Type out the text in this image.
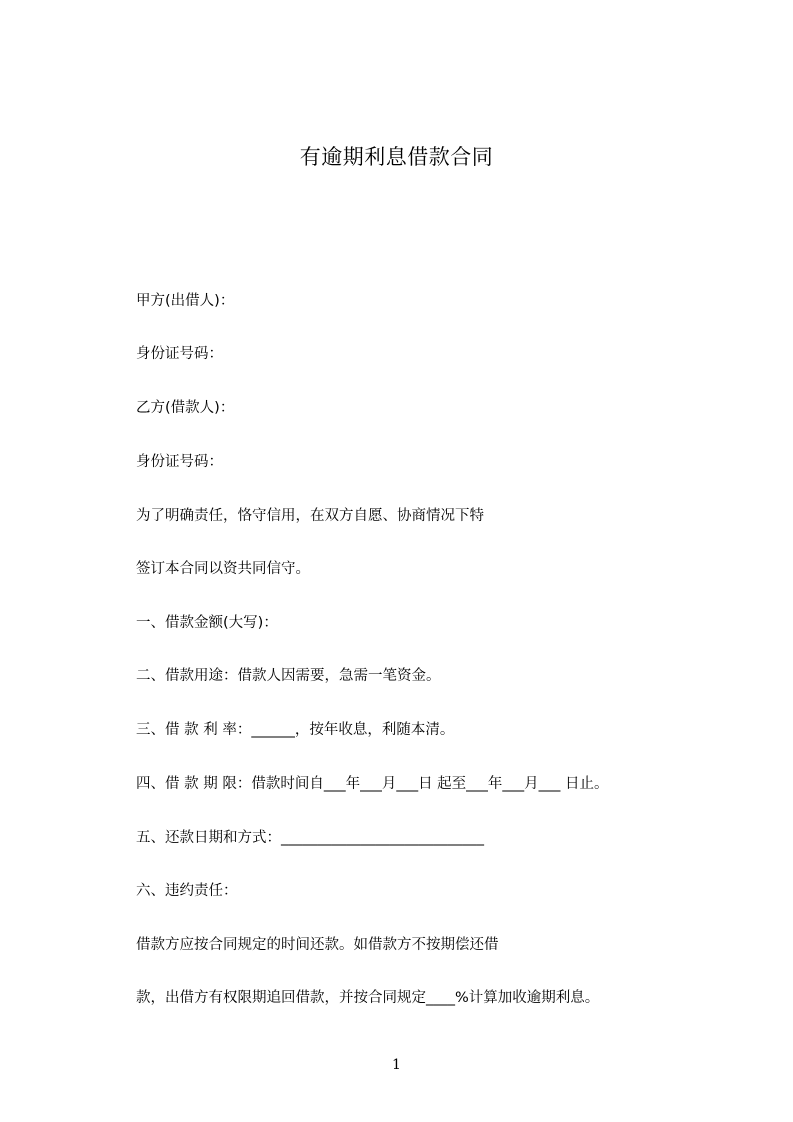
有逾期利息借款合同
甲方(出借人)：
身份证号码：
乙方(借款人)：
身份证号码：
为了明确责任，恪守信用，在双方自愿、协商情况下特
签订本合同以资共同信守。
一、借款金额(大写)：
二、借款用途：借款人因需要，急需一笔资金。
三、借 款 利 率：______，按年收息，利随本清。
四、借 款 期 限：借款时间自___年___月___日 起至___年___月___ 日止。
五、还款日期和方式：____________________________
六、违约责任：
借款方应按合同规定的时间还款。如借款方不按期偿还借
款，出借方有权限期追回借款，并按合同规定____%计算加收逾期利息。
1
